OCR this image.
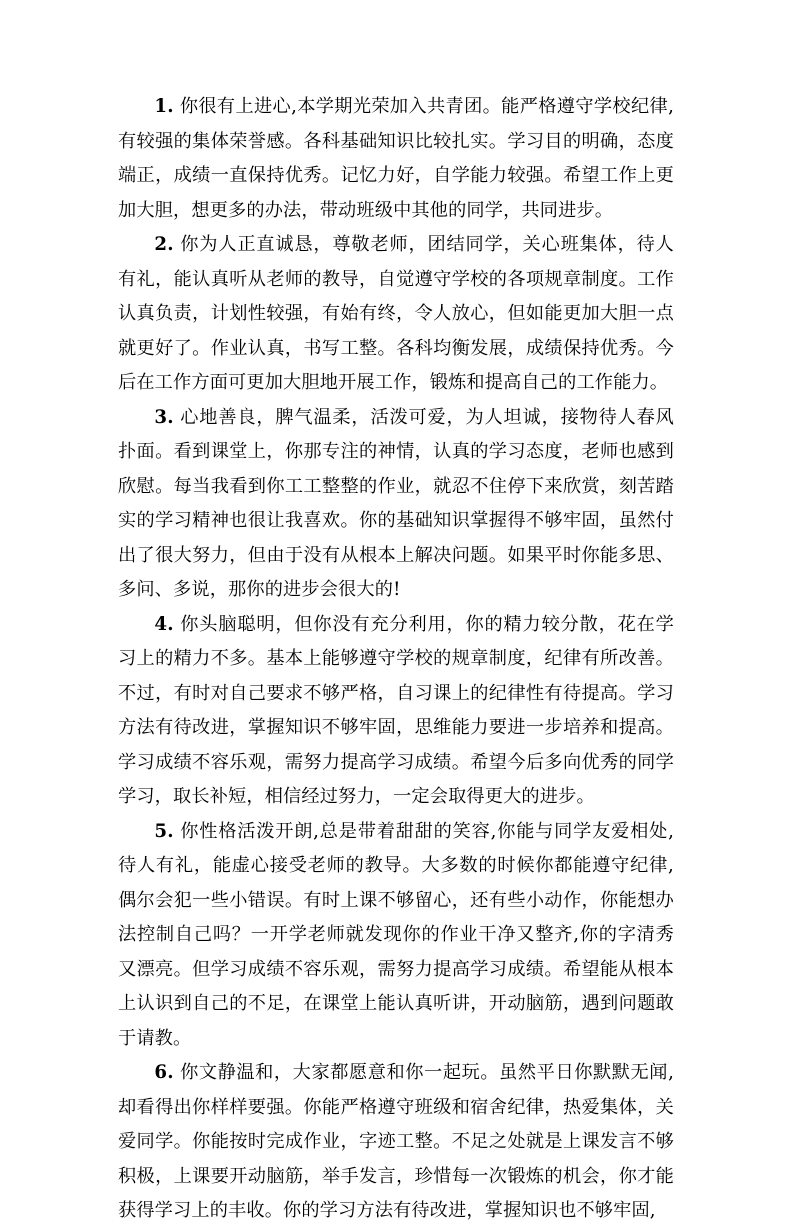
1. 你很有上进心,本学期光荣加入共青团。能严格遵守学校纪律,有较强的集体荣誉感。各科基础知识比较扎实。学习目的明确，态度端正，成绩一直保持优秀。记忆力好，自学能力较强。希望工作上更加大胆，想更多的办法，带动班级中其他的同学，共同进步。

2. 你为人正直诚恳，尊敬老师，团结同学，关心班集体，待人有礼，能认真听从老师的教导，自觉遵守学校的各项规章制度。工作认真负责，计划性较强，有始有终，令人放心，但如能更加大胆一点就更好了。作业认真，书写工整。各科均衡发展，成绩保持优秀。今后在工作方面可更加大胆地开展工作，锻炼和提高自己的工作能力。

3. 心地善良，脾气温柔，活泼可爱，为人坦诚，接物待人春风扑面。看到课堂上，你那专注的神情，认真的学习态度，老师也感到欣慰。每当我看到你工工整整的作业，就忍不住停下来欣赏，刻苦踏实的学习精神也很让我喜欢。你的基础知识掌握得不够牢固，虽然付出了很大努力，但由于没有从根本上解决问题。如果平时你能多思、多问、多说，那你的进步会很大的!

4. 你头脑聪明，但你没有充分利用，你的精力较分散，花在学习上的精力不多。基本上能够遵守学校的规章制度，纪律有所改善。不过，有时对自己要求不够严格，自习课上的纪律性有待提高。学习方法有待改进，掌握知识不够牢固，思维能力要进一步培养和提高。学习成绩不容乐观，需努力提高学习成绩。希望今后多向优秀的同学学习，取长补短，相信经过努力，一定会取得更大的进步。

5. 你性格活泼开朗,总是带着甜甜的笑容,你能与同学友爱相处,待人有礼，能虚心接受老师的教导。大多数的时候你都能遵守纪律,偶尔会犯一些小错误。有时上课不够留心，还有些小动作，你能想办法控制自己吗？一开学老师就发现你的作业干净又整齐,你的字清秀又漂亮。但学习成绩不容乐观，需努力提高学习成绩。希望能从根本上认识到自己的不足，在课堂上能认真听讲，开动脑筋，遇到问题敢于请教。

6. 你文静温和，大家都愿意和你一起玩。虽然平日你默默无闻,却看得出你样样要强。你能严格遵守班级和宿舍纪律，热爱集体，关爱同学。你能按时完成作业，字迹工整。不足之处就是上课发言不够积极，上课要开动脑筋，举手发言，珍惜每一次锻炼的机会，你才能获得学习上的丰收。你的学习方法有待改进，掌握知识也不够牢固,
